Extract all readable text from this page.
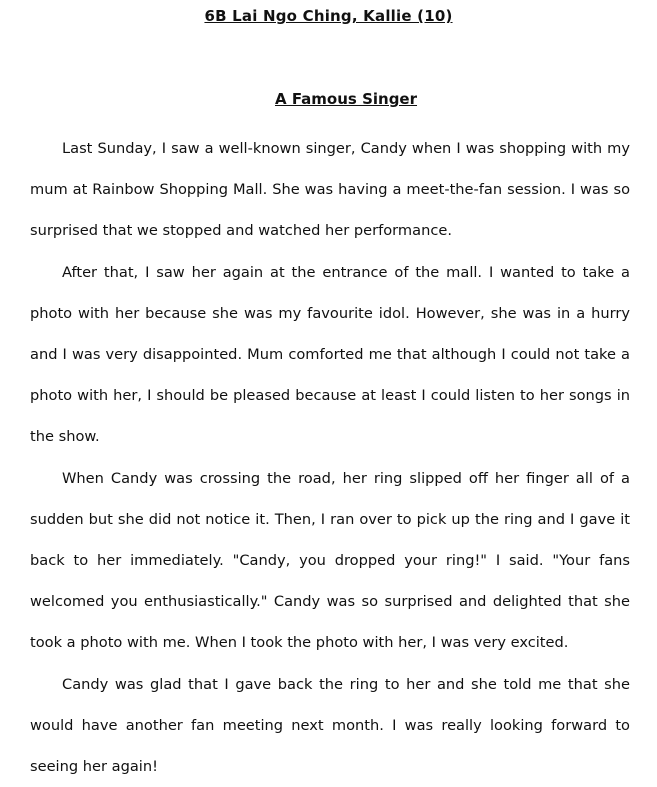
6B Lai Ngo Ching, Kallie (10)
A Famous Singer

Last Sunday, I saw a well-known singer, Candy when I was shopping with my mum at Rainbow Shopping Mall. She was having a meet-the-fan session. I was so surprised that we stopped and watched her performance.

After that, I saw her again at the entrance of the mall. I wanted to take a photo with her because she was my favourite idol. However, she was in a hurry and I was very disappointed. Mum comforted me that although I could not take a photo with her, I should be pleased because at least I could listen to her songs in the show.

When Candy was crossing the road, her ring slipped off her finger all of a sudden but she did not notice it. Then, I ran over to pick up the ring and I gave it back to her immediately. "Candy, you dropped your ring!" I said. "Your fans welcomed you enthusiastically." Candy was so surprised and delighted that she took a photo with me. When I took the photo with her, I was very excited.

Candy was glad that I gave back the ring to her and she told me that she would have another fan meeting next month. I was really looking forward to seeing her again!
